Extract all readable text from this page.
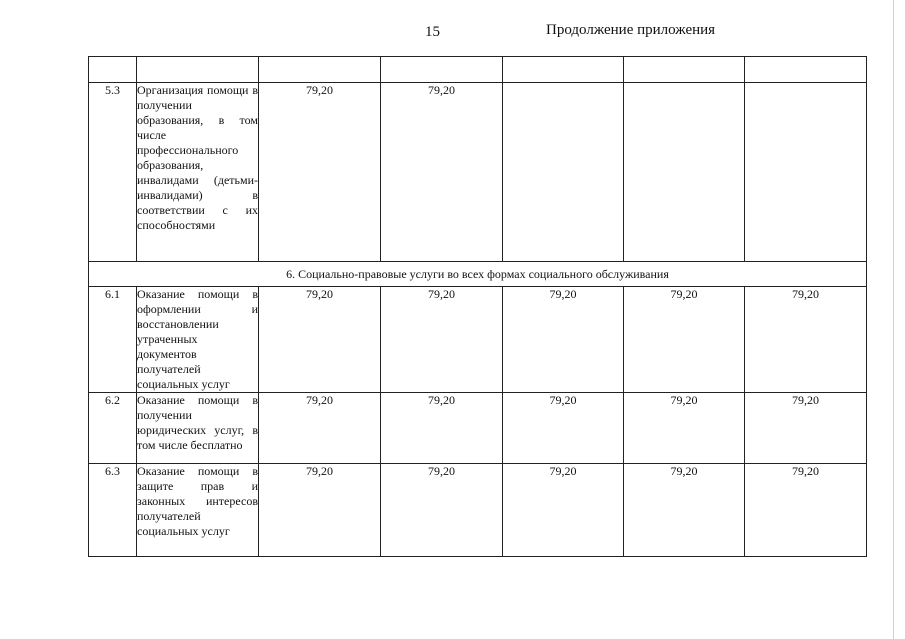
15	Продолжение приложения

5.3	Организация помощи в получении образования, в том числе профессионального образования, инвалидами (детьми-инвалидами) в соответствии с их способностями	79,20	79,20			
6. Социально-правовые услуги во всех формах социального обслуживания						
6.1	Оказание помощи в оформлении и восстановлении утраченных документов получателей социальных услуг	79,20	79,20	79,20	79,20	79,20
6.2	Оказание помощи в получении юридических услуг, в том числе бесплатно	79,20	79,20	79,20	79,20	79,20
6.3	Оказание помощи в защите прав и законных интересов получателей социальных услуг	79,20	79,20	79,20	79,20	79,20
